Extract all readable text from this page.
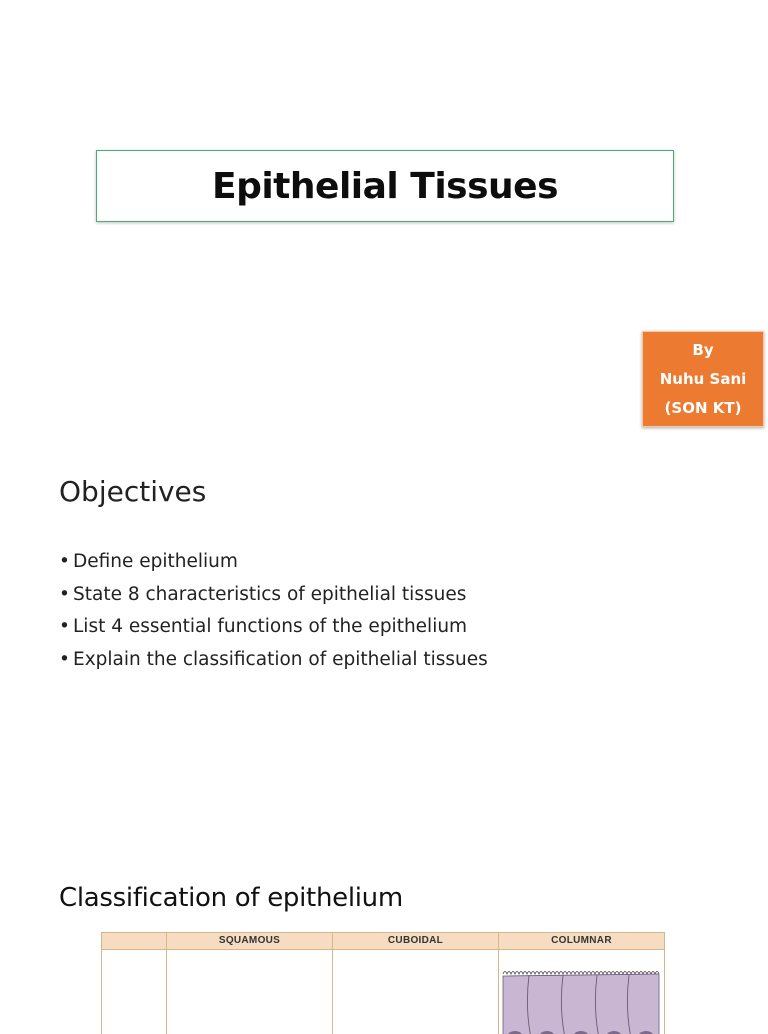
Epithelial Tissues
By
Nuhu Sani
(SON KT)
Objectives
• Define epithelium
• State 8 characteristics of epithelial tissues
• List 4 essential functions of the epithelium
• Explain the classification of epithelial tissues
Classification of epithelium
SQUAMOUS	CUBOIDAL	COLUMNAR
